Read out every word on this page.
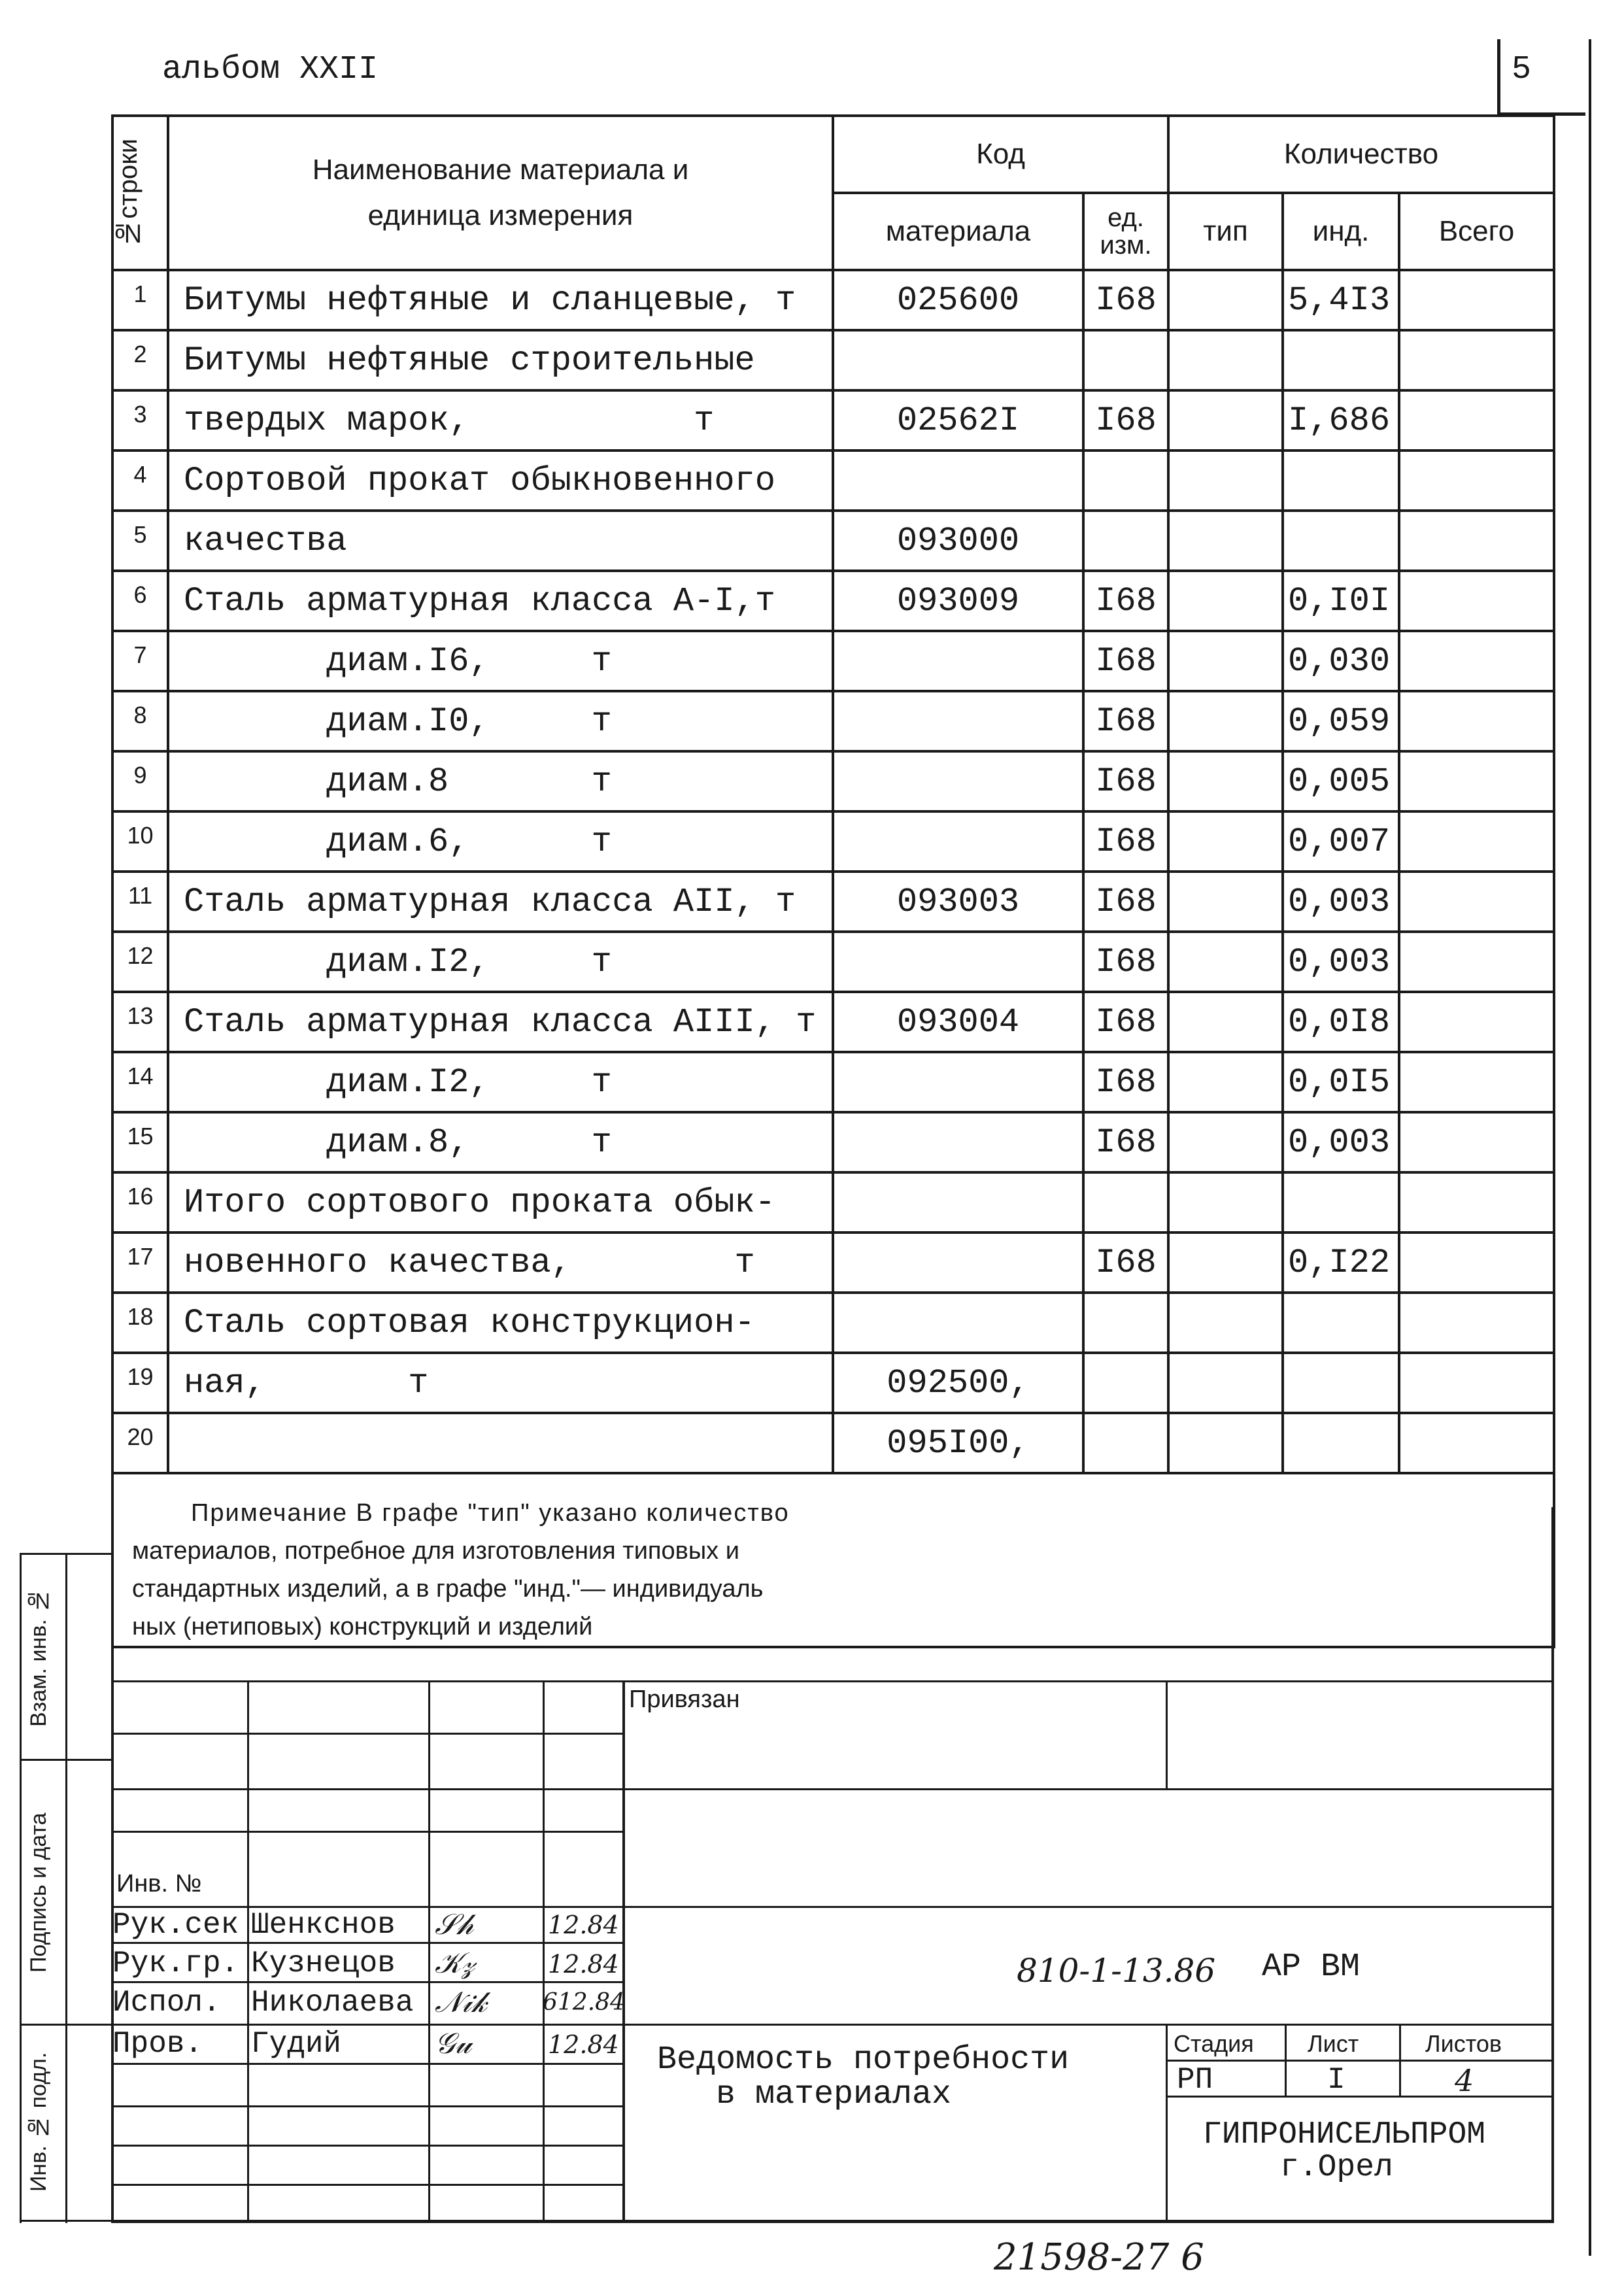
альбом ХХII	5
№строки	Наименование материала и единица измерения	Код		Количество		
		материала	ед. изм.	тип	инд.	Всего
1	Битумы нефтяные и сланцевые, т	025600	I68		5,4I3	
2	Битумы нефтяные строительные					
3	твердых марок,           т	02562I	I68		I,686	
4	Сортовой прокат обыкновенного					
5	качества	093000				
6	Сталь арматурная класса А-I,т	093009	I68		0,I0I	
7	диам.I6,     т		I68		0,030	
8	диам.I0,     т		I68		0,059	
9	диам.8       т		I68		0,005	
10	диам.6,      т		I68		0,007	
11	Сталь арматурная класса АII, т	093003	I68		0,003	
12	диам.I2,     т		I68		0,003	
13	Сталь арматурная класса АIII, т	093004	I68		0,0I8	
14	диам.I2,     т		I68		0,0I5	
15	диам.8,      т		I68		0,003	
16	Итого сортового проката обык-					
17	новенного качества,        т		I68		0,I22	
18	Сталь сортовая конструкцион-					
19	ная,       т	092500,				
20		095I00,				

Примечание В графе "тип" указано количество
материалов, потребное для изготовления типовых и
стандартных изделий, а в графе "инд."— индивидуаль
ных (нетиповых) конструкций и изделий						
Привязан
Инв. №
Рук.сек Шенкснов 𝒮𝒽	12.84
Рук.гр. Кузнецов 𝒦𝓏	12.84
Испол. Николаева 𝒩𝒾𝓀 612.84
Пров. Гудий	𝒢𝓊	12.84
810-1-13.86 АР ВМ
Ведомость потребности
в материалах
Стадия Лист	Листов
РП	I	4
ГИПРОНИСЕЛЬПРОМ
г.Орел
Взам. инв. №
Подпись и дата
Инв. № подл.
21598-27 6
